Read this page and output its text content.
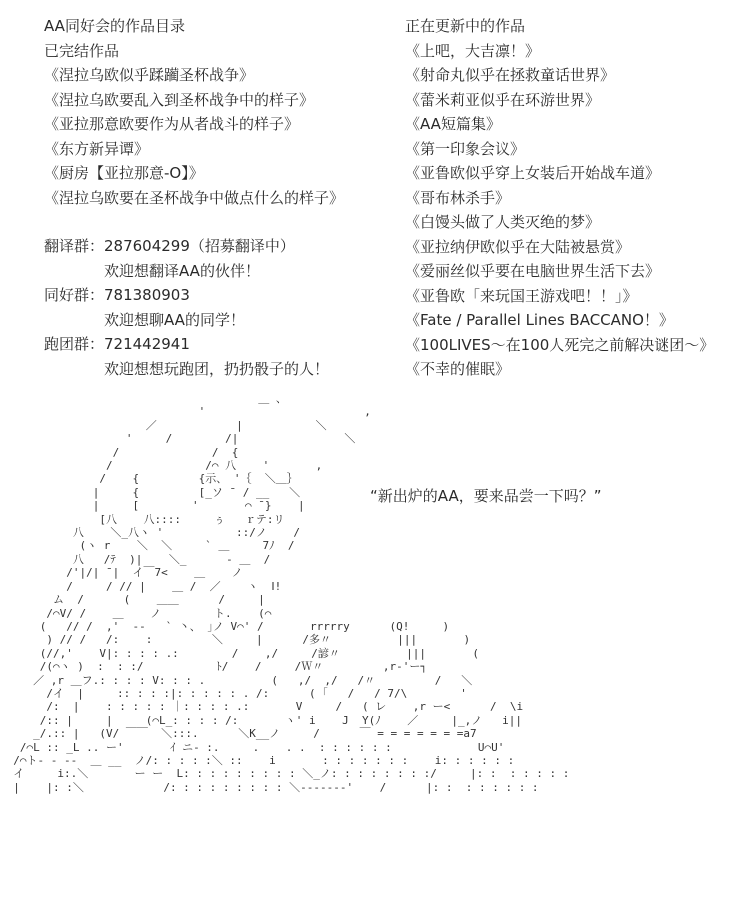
AA同好会的作品目录
已完结作品
《涅拉乌欧似乎蹂躏圣杯战争》
《涅拉乌欧要乱入到圣杯战争中的样子》
《亚拉那意欧要作为从者战斗的样子》
《东方新异谭》
《厨房【亚拉那意-O】》
《涅拉乌欧要在圣杯战争中做点什么的样子》
翻译群： 287604299（招募翻译中）
欢迎想翻译AA的伙伴！
同好群： 781380903
欢迎想聊AA的同学！
跑团群： 721442941
欢迎想想玩跑团，扔扔骰子的人！
正在更新中的作品
《上吧，大吉凛！》
《射命丸似乎在拯救童话世界》
《蕾米莉亚似乎在环游世界》
《AA短篇集》
《第一印象会议》
《亚鲁欧似乎穿上女装后开始战车道》
《哥布林杀手》
《白馒头做了人类灭绝的梦》
《亚拉纳伊欧似乎在大陆被悬赏》
《爱丽丝似乎要在电脑世界生活下去》
《亚鲁欧「来玩国王游戏吧！！」》
《Fate / Parallel Lines BACCANO！》
《100LIVES～在100人死完之前解决谜团～》
《不幸的催眠》
＿ 、
'                        ,
／            |           ＼
'     /        /|                ＼
/              /  {
/              /⌒ 八    '       ,
/    {         {示、 '｛  ＼＿｝
|     {         [_ソ ̄  / __   ＼
|     [        '       ⌒ ̄ }    |
[八    八::::     ぅ   ｒテ:リ
八    ＼_八ヽ '           ::/ノ    /
(ヽ r    ＼  ＼     ` ＿     7ﾉ  /
八   /ﾃ  )|    ＼_      ‐ ＿  /
/'|/| ̄ |  イ￣7<    ＿    ノ
/     / // |    ＿ /  ／    ヽ  Ⅰ!
ム  /      (    ＿＿      /     |
/⌒V/ /    ＿    ノ        ト.    (⌒
(   // /  ,'  ‐‐   ` 丶、 ｣ノ V⌒' /       rrrrry      (Q!     )
) // /   /:    :         ＼     |      /多〃          |||       )
(//,'    V|: : : : .:        /    ,/     /諺〃          |||       (
/(⌒ヽ )  :  : :/           ﾄ/    /     /Ｗ〃         ,r‐'ー┐
／ ,r ＿フ.: : : : V: : : .          (   ,/  ,/   /〃         /   ＼
/イ  |     :: : : :|: : : : : . /:      ( ｢   /   / 7/\        '
/:  |    : : : : : ｜: : : : .:       V     /   ( レ    ,r ー<      /  \i
/:: |     |     (⌒L_: : : : /:       ヽ' i    J  Y(ﾉ    ／     |_,ノ   i||
_/.:: |   (V/ ￣￣  ＼:::.      ＼K__ノ     /      ￣ = = = = = = =a7
/⌒L :: _L .. ー'       ｲ ニ‐ :.     .    . .  : : : : : :             U⌒U'
/⌒ト‐ ‐ ‐‐  ＿ __  ノ/: : : : :＼ ::    i       : : : : : : :    i: : : : : :
イ     i:.＼       ー ー  L: : : : : : : : : ＼_ノ: : : : : : : :/     |: :  : : : : :
|    |: :＼            /: : : : : : : : : ＼‐‐‐‐‐‐‐'    /      |: :  : : : : : :
“新出炉的AA，要来品尝一下吗？”
